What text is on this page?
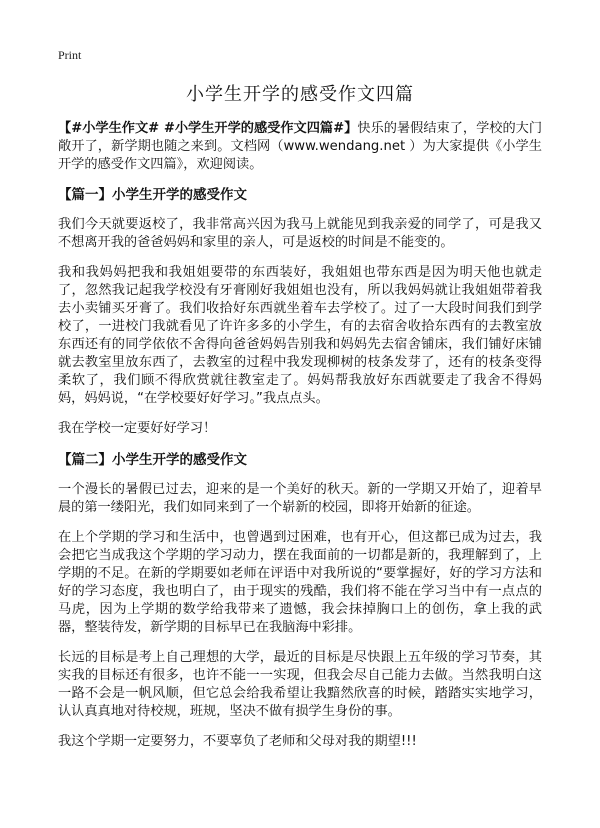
Print
小学生开学的感受作文四篇

【#小学生作文# #小学生开学的感受作文四篇#】快乐的暑假结束了，学校的大门敞开了，新学期也随之来到。文档网（www.wendang.net ）为大家提供《小学生开学的感受作文四篇》，欢迎阅读。

【篇一】小学生开学的感受作文

我们今天就要返校了，我非常高兴因为我马上就能见到我亲爱的同学了，可是我又不想离开我的爸爸妈妈和家里的亲人，可是返校的时间是不能变的。

我和我妈妈把我和我姐姐要带的东西装好，我姐姐也带东西是因为明天他也就走了，忽然我记起我学校没有牙膏刚好我姐姐也没有，所以我妈妈就让我姐姐带着我去小卖铺买牙膏了。我们收拾好东西就坐着车去学校了。过了一大段时间我们到学校了，一进校门我就看见了许许多多的小学生，有的去宿舍收拾东西有的去教室放东西还有的同学依依不舍得向爸爸妈妈告别我和妈妈先去宿舍铺床，我们铺好床铺就去教室里放东西了，去教室的过程中我发现柳树的枝条发芽了，还有的枝条变得柔软了，我们顾不得欣赏就往教室走了。妈妈帮我放好东西就要走了我舍不得妈妈，妈妈说，“在学校要好好学习。”我点点头。

我在学校一定要好好学习！

【篇二】小学生开学的感受作文

一个漫长的暑假已过去，迎来的是一个美好的秋天。新的一学期又开始了，迎着早晨的第一缕阳光，我们如同来到了一个崭新的校园，即将开始新的征途。

在上个学期的学习和生活中，也曾遇到过困难，也有开心，但这都已成为过去，我会把它当成我这个学期的学习动力，摆在我面前的一切都是新的，我理解到了，上学期的不足。在新的学期要如老师在评语中对我所说的“要掌握好，好的学习方法和好的学习态度，我也明白了，由于现实的残酷，我们将不能在学习当中有一点点的马虎，因为上学期的数学给我带来了遗憾，我会抹掉胸口上的创伤，拿上我的武器，整装待发，新学期的目标早已在我脑海中彩排。

长远的目标是考上自己理想的大学，最近的目标是尽快跟上五年级的学习节奏，其实我的目标还有很多，也许不能一一实现，但我会尽自己能力去做。当然我明白这一路不会是一帆风顺，但它总会给我希望让我黯然欣喜的时候，踏踏实实地学习，认认真真地对待校规，班规，坚决不做有损学生身份的事。

我这个学期一定要努力，不要辜负了老师和父母对我的期望!!!
